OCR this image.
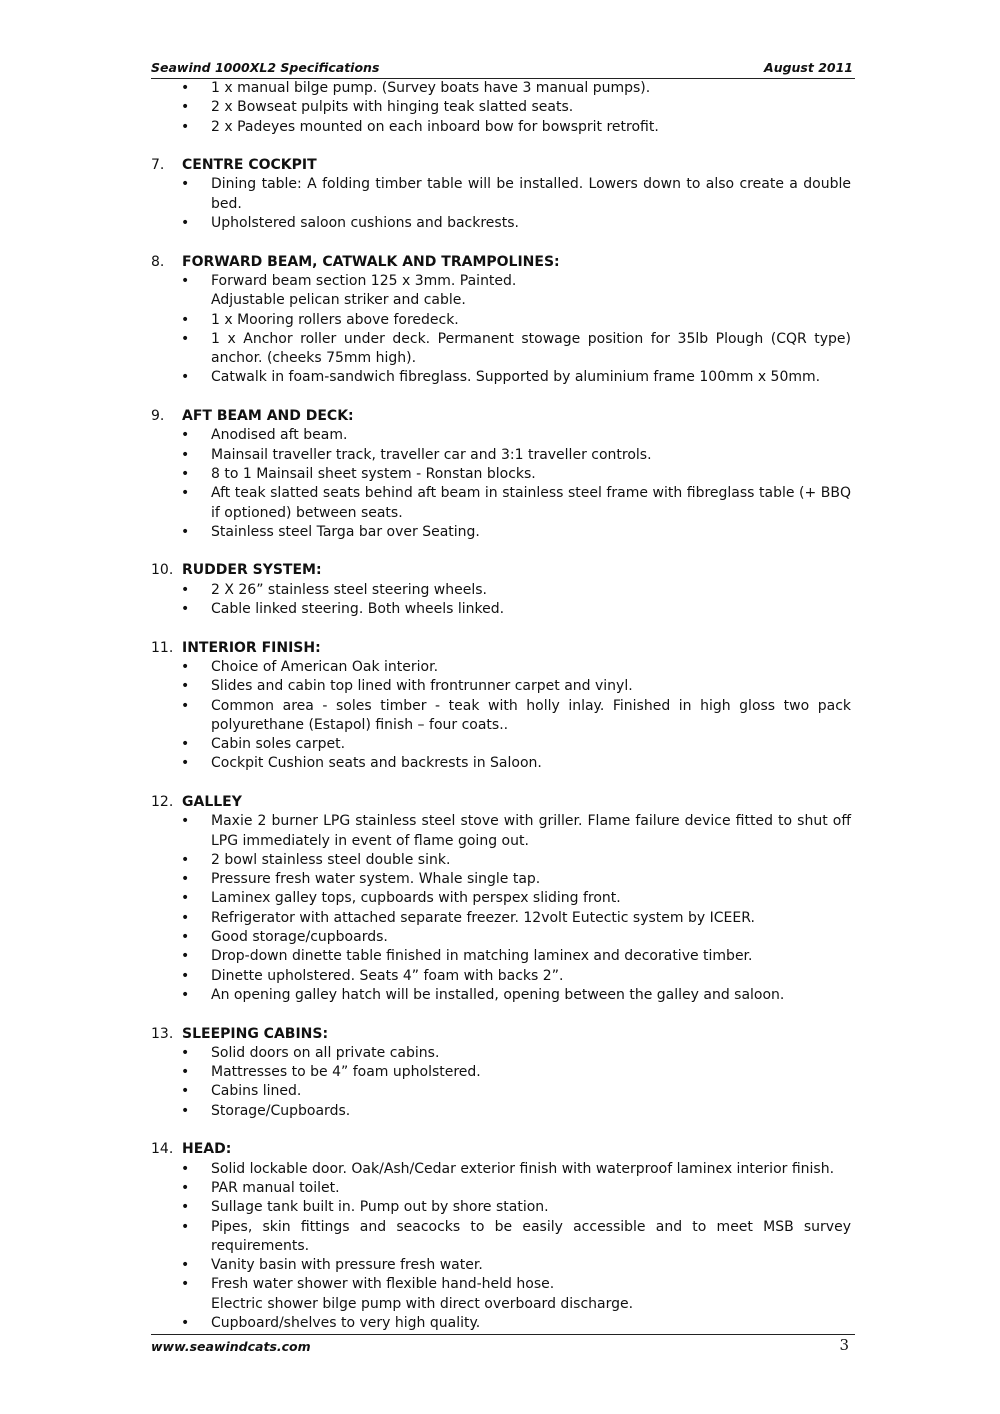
Seawind 1000XL2 Specifications	August 2011
• 1 x manual bilge pump. (Survey boats have 3 manual pumps).
• 2 x Bowseat pulpits with hinging teak slatted seats.
• 2 x Padeyes mounted on each inboard bow for bowsprit retrofit.
7. CENTRE COCKPIT
• Dining table: A folding timber table will be installed. Lowers down to also create a double bed.
• Upholstered saloon cushions and backrests.
8. FORWARD BEAM, CATWALK AND TRAMPOLINES:
• Forward beam section 125 x 3mm. Painted.
Adjustable pelican striker and cable.
• 1 x Mooring rollers above foredeck.
• 1 x Anchor roller under deck. Permanent stowage position for 35lb Plough (CQR type) anchor. (cheeks 75mm high).
• Catwalk in foam-sandwich fibreglass. Supported by aluminium frame 100mm x 50mm.
9. AFT BEAM AND DECK:
• Anodised aft beam.
• Mainsail traveller track, traveller car and 3:1 traveller controls.
• 8 to 1 Mainsail sheet system - Ronstan blocks.
• Aft teak slatted seats behind aft beam in stainless steel frame with fibreglass table (+ BBQ if optioned) between seats.
• Stainless steel Targa bar over Seating.
10. RUDDER SYSTEM:
• 2 X 26” stainless steel steering wheels.
• Cable linked steering. Both wheels linked.
11. INTERIOR FINISH:
• Choice of American Oak interior.
• Slides and cabin top lined with frontrunner carpet and vinyl.
• Common area - soles timber - teak with holly inlay. Finished in high gloss two pack polyurethane (Estapol) finish – four coats..
• Cabin soles carpet.
• Cockpit Cushion seats and backrests in Saloon.
12. GALLEY
• Maxie 2 burner LPG stainless steel stove with griller. Flame failure device fitted to shut off LPG immediately in event of flame going out.
• 2 bowl stainless steel double sink.
• Pressure fresh water system. Whale single tap.
• Laminex galley tops, cupboards with perspex sliding front.
• Refrigerator with attached separate freezer. 12volt Eutectic system by ICEER.
• Good storage/cupboards.
• Drop-down dinette table finished in matching laminex and decorative timber.
• Dinette upholstered. Seats 4” foam with backs 2”.
• An opening galley hatch will be installed, opening between the galley and saloon.
13. SLEEPING CABINS:
• Solid doors on all private cabins.
• Mattresses to be 4” foam upholstered.
• Cabins lined.
• Storage/Cupboards.
14. HEAD:
• Solid lockable door. Oak/Ash/Cedar exterior finish with waterproof laminex interior finish.
• PAR manual toilet.
• Sullage tank built in. Pump out by shore station.
• Pipes, skin fittings and seacocks to be easily accessible and to meet MSB survey requirements.
• Vanity basin with pressure fresh water.
• Fresh water shower with flexible hand-held hose.
Electric shower bilge pump with direct overboard discharge.
• Cupboard/shelves to very high quality.
www.seawindcats.com	3
